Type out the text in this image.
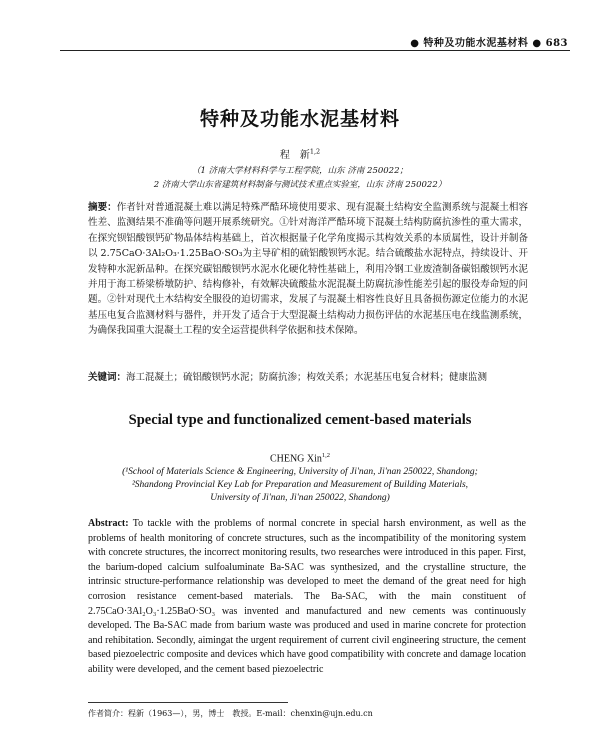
● 特种及功能水泥基材料 ● 683
特种及功能水泥基材料
程　新$^{1,2}$
（1 济南大学材料科学与工程学院，山东 济南 250022；
2 济南大学山东省建筑材料制备与测试技术重点实验室，山东 济南 250022）
摘要：作者针对普通混凝土难以满足特殊严酷环境使用要求、现有混凝土结构安全监测系统与混凝土相容性差、监测结果不准确等问题开展系统研究。①针对海洋严酷环境下混凝土结构防腐抗渗性的重大需求，在探究钡铝酸钡钙矿物晶体结构基础上，首次根据量子化学角度揭示其构效关系的本质属性，设计并制备以 2.75CaO·3Al₂O₃·1.25BaO·SO₃为主导矿相的硫铝酸钡钙水泥。结合硫酸盐水泥特点，持续设计、开发特种水泥新品种。在探究碳铝酸钡钙水泥水化硬化特性基础上，利用冷钢工业废渣制备碳铝酸钡钙水泥并用于海工桥梁桥墩防护、结构修补，有效解决硫酸盐水泥混凝土防腐抗渗性能差引起的服役寿命短的问题。②针对现代土木结构安全服役的迫切需求，发展了与混凝土相容性良好且具备损伤源定位能力的水泥基压电复合监测材料与器件，并开发了适合于大型混凝土结构动力损伤评估的水泥基压电在线监测系统，为确保我国重大混凝土工程的安全运营提供科学依据和技术保障。
关键词：海工混凝土；硫铝酸钡钙水泥；防腐抗渗；构效关系；水泥基压电复合材料；健康监测
Special type and functionalized cement-based materials
CHENG Xin$^{1,2}$
(¹School of Materials Science & Engineering, University of Ji'nan, Ji'nan 250022, Shandong;
²Shandong Provincial Key Lab for Preparation and Measurement of Building Materials,
University of Ji'nan, Ji'nan 250022, Shandong)
Abstract: To tackle with the problems of normal concrete in special harsh environment, as well as the problems of health monitoring of concrete structures, such as the incompatibility of the monitoring system with concrete structures, the incorrect monitoring results, two researches were introduced in this paper. First, the barium-doped calcium sulfoaluminate Ba-SAC was synthesized, and the crystalline structure, the intrinsic structure-performance relationship was developed to meet the demand of the great need for high corrosion resistance cement-based materials. The Ba-SAC, with the main constituent of 2.75CaO·3Al₂O₃·1.25BaO·SO₃ was invented and manufactured and new cements was continuously developed. The Ba-SAC made from barium waste was produced and used in marine concrete for protection and rehibitation. Secondly, aimingat the urgent requirement of current civil engineering structure, the cement based piezoelectric composite and devices which have good compatibility with concrete and damage location ability were developed, and the cement based piezoelectric
作者简介：程新（1963—），男，博士　教授。E-mail：chenxin@ujn.edu.cn
